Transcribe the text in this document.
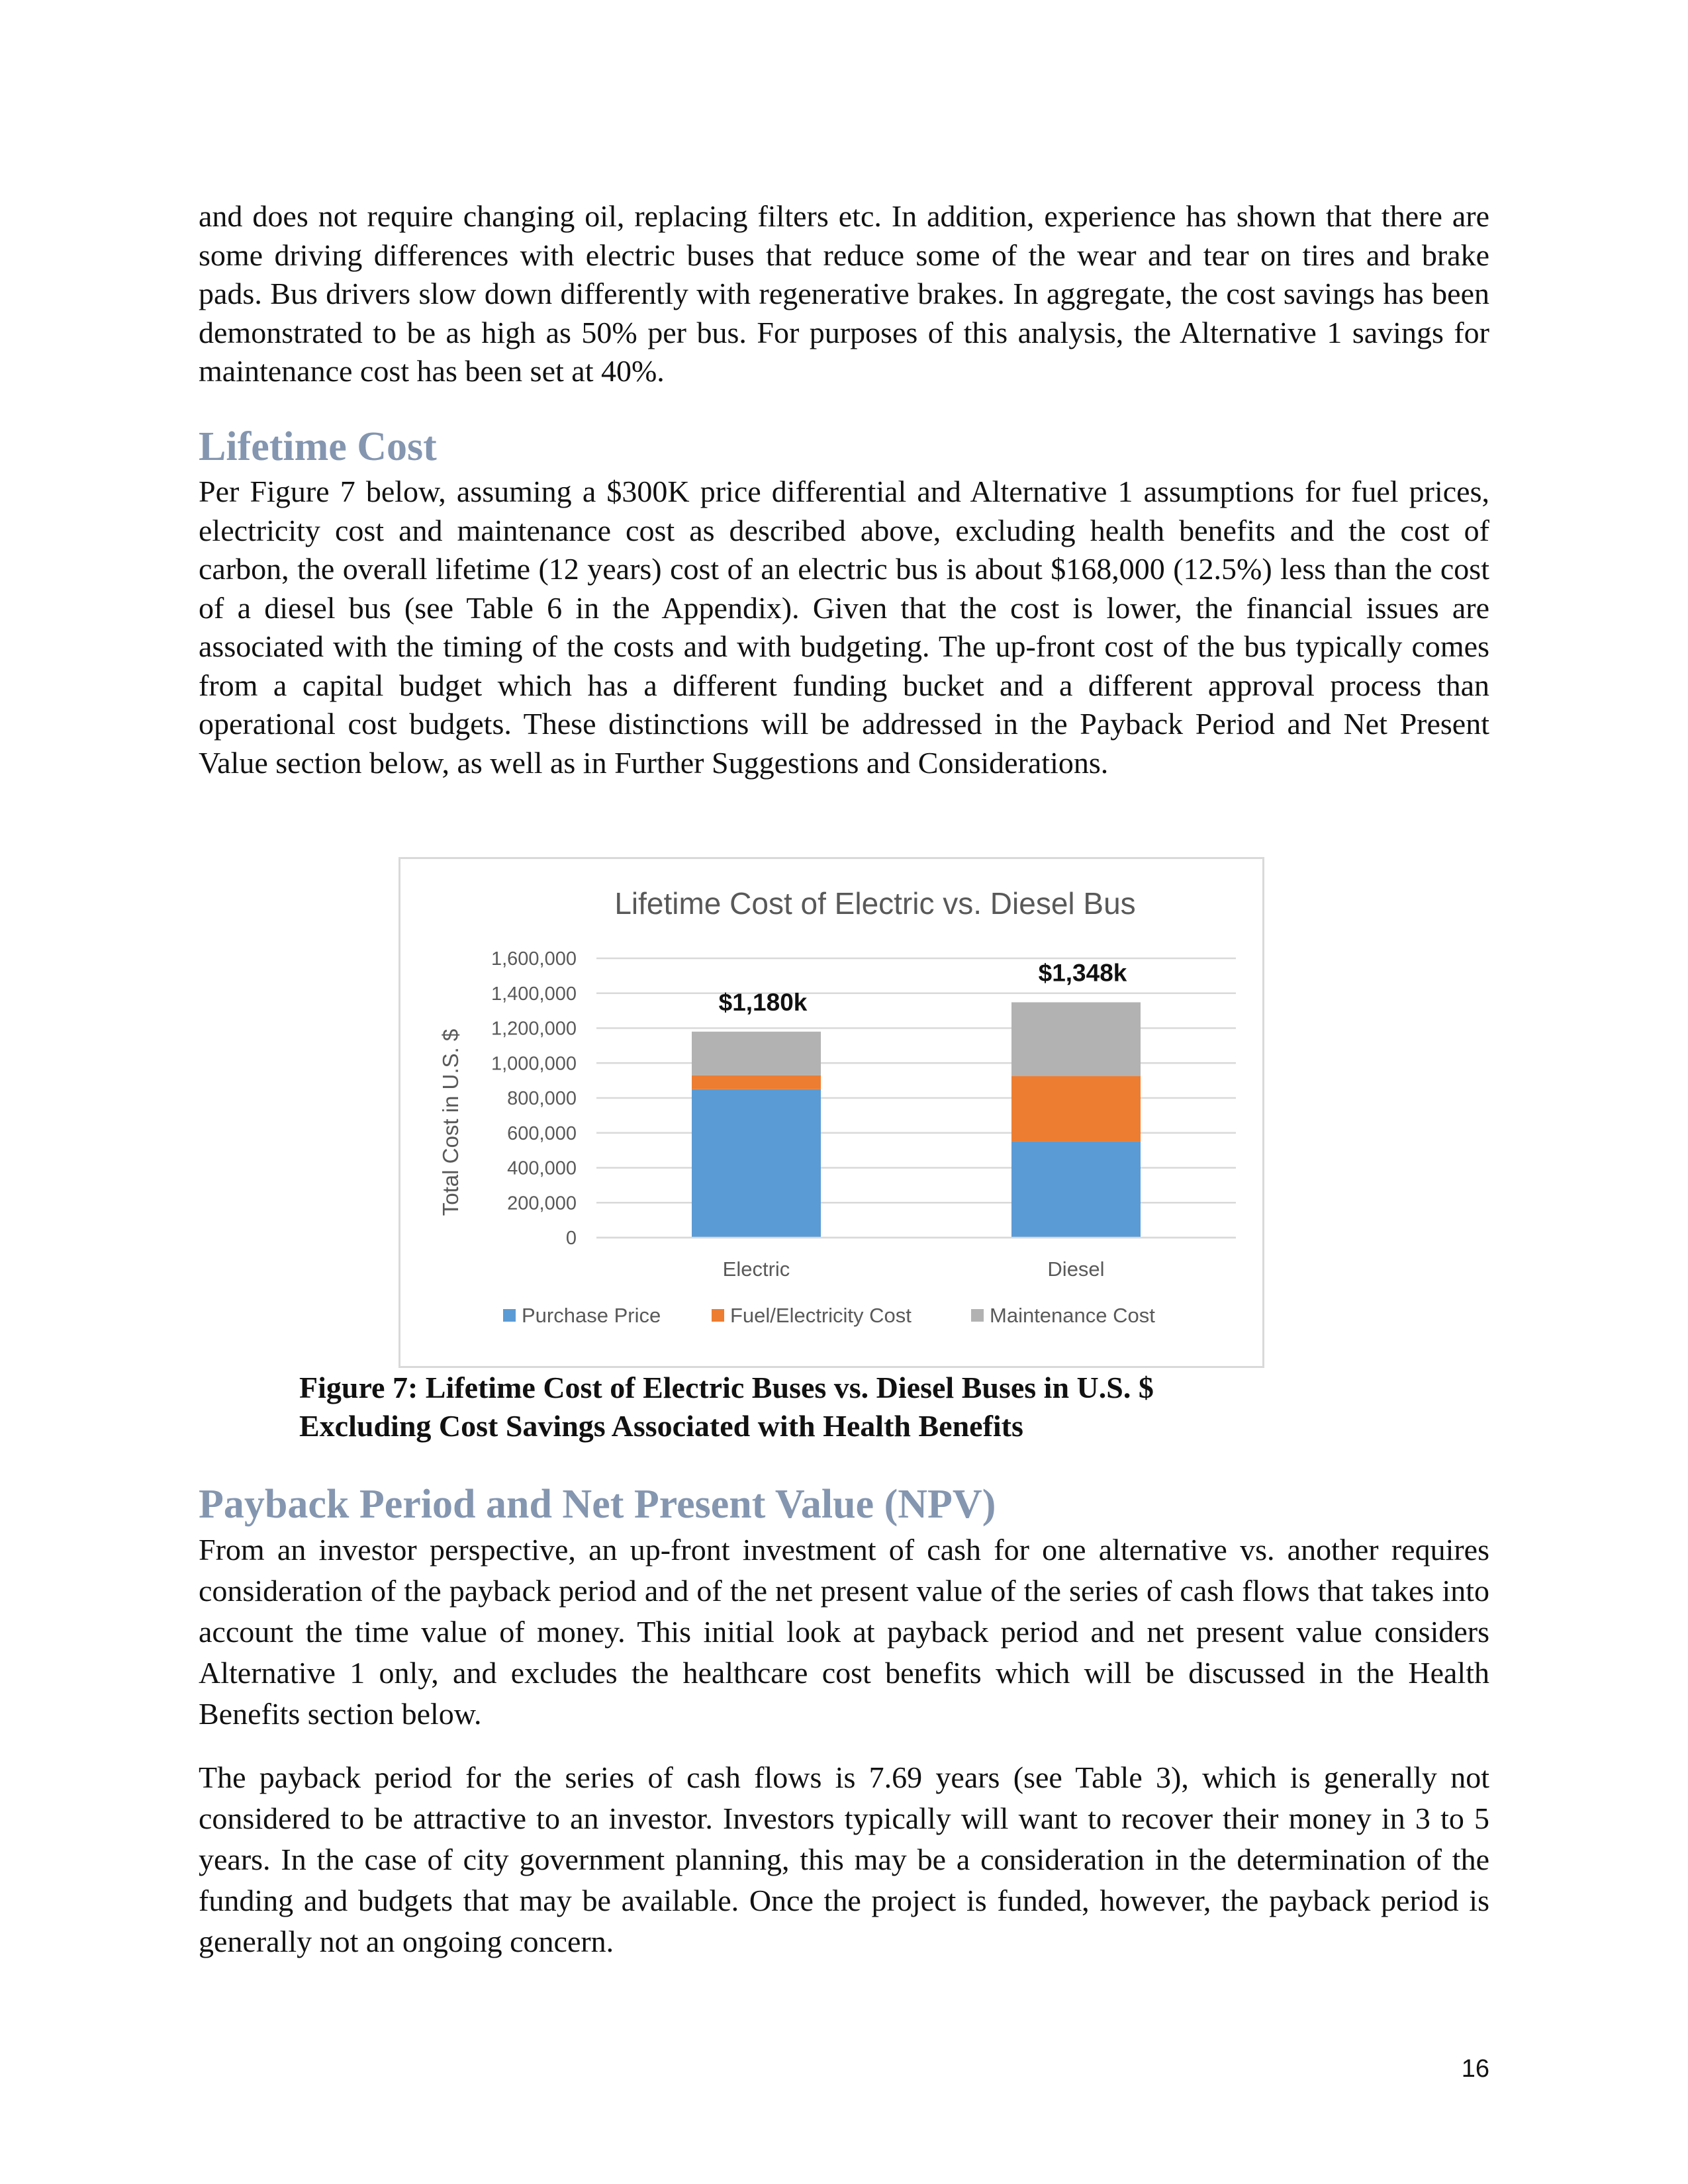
and does not require changing oil, replacing filters etc. In addition, experience has shown that there are some driving differences with electric buses that reduce some of the wear and tear on tires and brake pads. Bus drivers slow down differently with regenerative brakes. In aggregate, the cost savings has been demonstrated to be as high as 50% per bus. For purposes of this analysis, the Alternative 1 savings for maintenance cost has been set at 40%.

Lifetime Cost

Per Figure 7 below, assuming a $300K price differential and Alternative 1 assumptions for fuel prices, electricity cost and maintenance cost as described above, excluding health benefits and the cost of carbon, the overall lifetime (12 years) cost of an electric bus is about $168,000 (12.5%) less than the cost of a diesel bus (see Table 6 in the Appendix). Given that the cost is lower, the financial issues are associated with the timing of the costs and with budgeting. The up-front cost of the bus typically comes from a capital budget which has a different funding bucket and a different approval process than operational cost budgets. These distinctions will be addressed in the Payback Period and Net Present Value section below, as well as in Further Suggestions and Considerations.

Lifetime Cost of Electric vs. Diesel Bus
0
200,000
400,000
600,000
800,000
1,000,000
1,200,000
1,400,000
1,600,000
Total Cost in U.S. $
Electric
$1,180k
Diesel
$1,348k
Purchase Price	Fuel/Electricity Cost	Maintenance Cost
Figure 7: Lifetime Cost of Electric Buses vs. Diesel Buses in U.S. $
Excluding Cost Savings Associated with Health Benefits
Payback Period and Net Present Value (NPV)

From an investor perspective, an up-front investment of cash for one alternative vs. another requires consideration of the payback period and of the net present value of the series of cash flows that takes into account the time value of money. This initial look at payback period and net present value considers Alternative 1 only, and excludes the healthcare cost benefits which will be discussed in the Health Benefits section below.

The payback period for the series of cash flows is 7.69 years (see Table 3), which is generally not considered to be attractive to an investor. Investors typically will want to recover their money in 3 to 5 years. In the case of city government planning, this may be a consideration in the determination of the funding and budgets that may be available. Once the project is funded, however, the payback period is generally not an ongoing concern.

16
